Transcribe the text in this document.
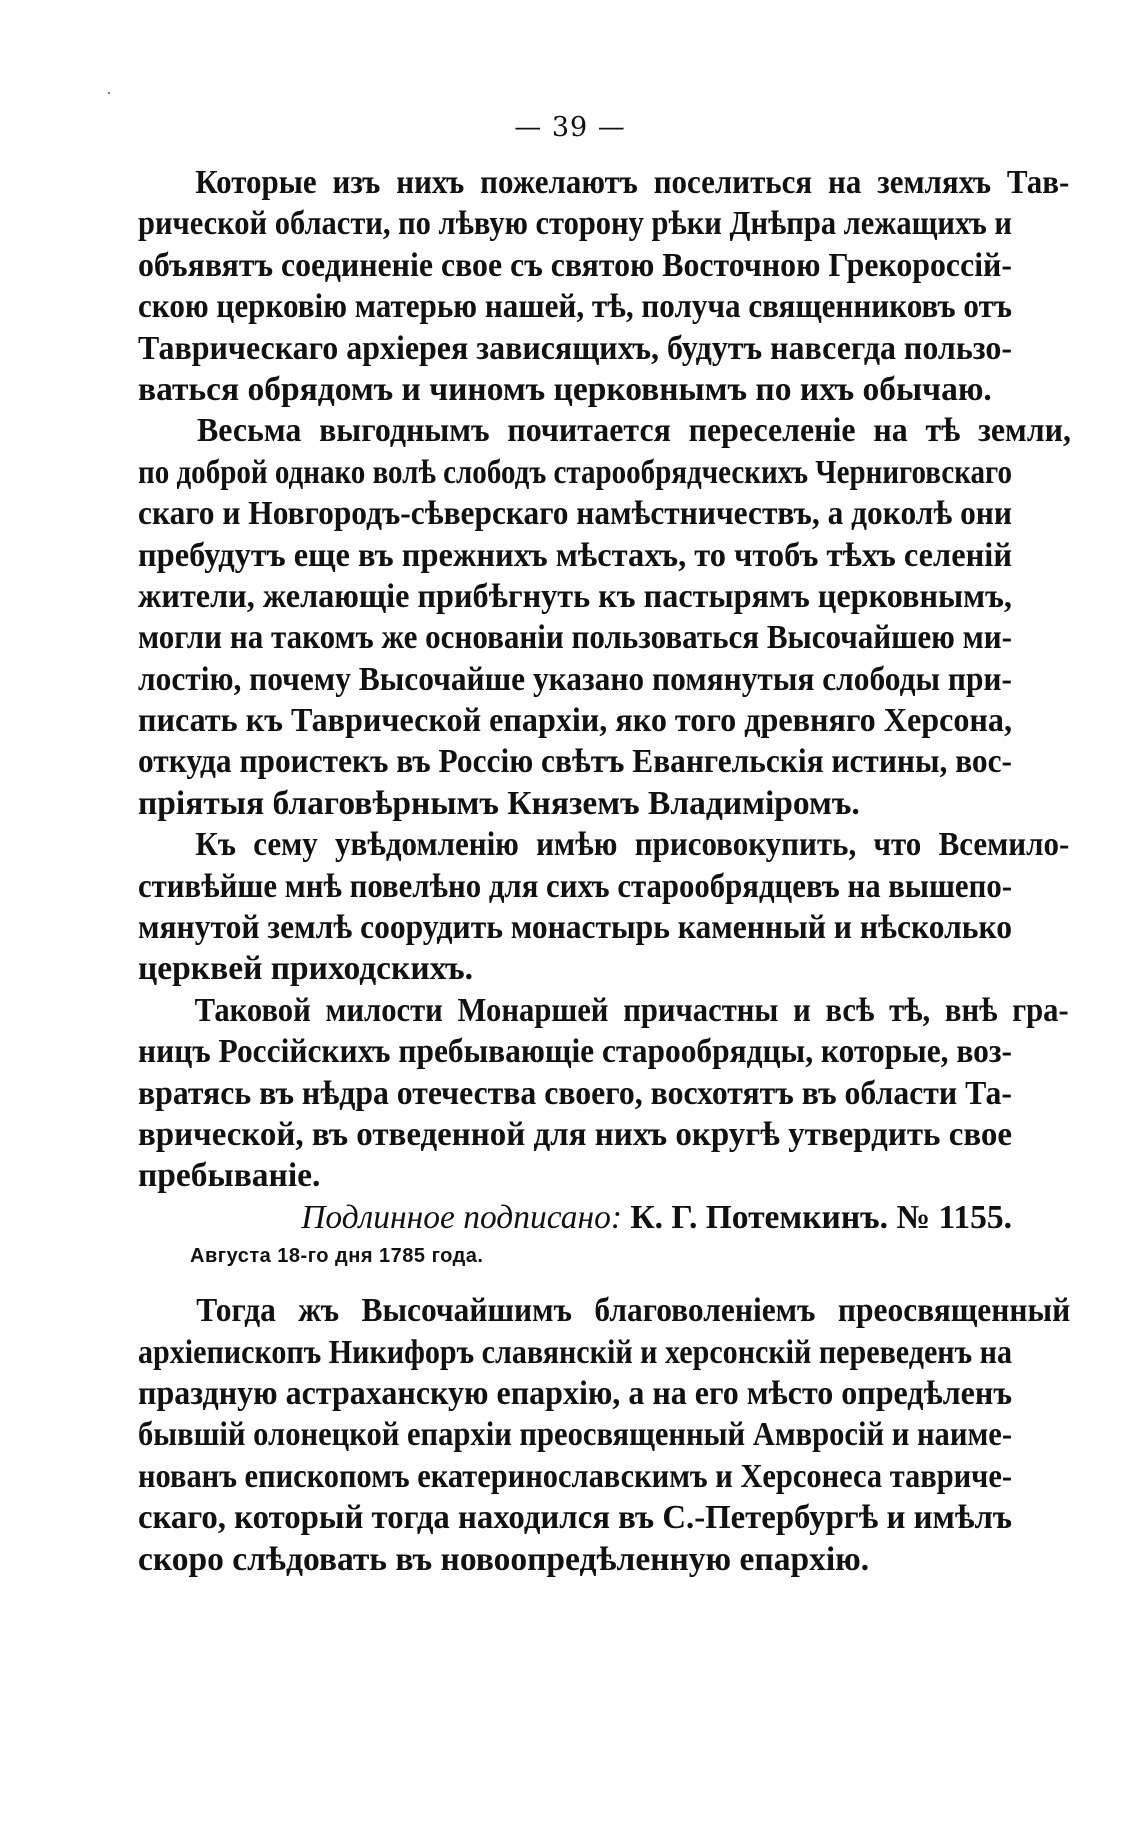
— 39 —
Которые изъ нихъ пожелаютъ поселиться на земляхъ Тав-
рической области, по лѣвую сторону рѣки Днѣпра лежащихъ и
объявятъ соединеніе свое съ святою Восточною Грекороссій-
скою церковію матерью нашей, тѣ, получа священниковъ отъ
Таврическаго архіерея зависящихъ, будутъ навсегда пользо-
ваться обрядомъ и чиномъ церковнымъ по ихъ обычаю.
Весьма выгоднымъ почитается переселеніе на тѣ земли,
по доброй однако волѣ слободъ старообрядческихъ Черниговскаго
скаго и Новгородъ-сѣверскаго намѣстничествъ, а доколѣ они
пребудутъ еще въ прежнихъ мѣстахъ, то чтобъ тѣхъ селеній
жители, желающіе прибѣгнуть къ пастырямъ церковнымъ,
могли на такомъ же основаніи пользоваться Высочайшею ми-
лостію, почему Высочайше указано помянутыя слободы при-
писать къ Таврической епархіи, яко того древняго Херсона,
откуда проистекъ въ Россію свѣтъ Евангельскія истины, вос-
пріятыя благовѣрнымъ Княземъ Владиміромъ.
Къ сему увѣдомленію имѣю присовокупить, что Всемило-
стивѣйше мнѣ повелѣно для сихъ старообрядцевъ на вышепо-
мянутой землѣ соорудить монастырь каменный и нѣсколько
церквей приходскихъ.
Таковой милости Монаршей причастны и всѣ тѣ, внѣ гра-
ницъ Россійскихъ пребывающіе старообрядцы, которые, воз-
вратясь въ нѣдра отечества своего, восхотятъ въ области Та-
врической, въ отведенной для нихъ округѣ утвердить свое
пребываніе.
Подлинное подписано: К. Г. Потемкинъ. № 1155.
Августа 18-го дня 1785 года.
Тогда жъ Высочайшимъ благоволеніемъ преосвященный
архіепископъ Никифоръ славянскій и херсонскій переведенъ на
праздную астраханскую епархію, а на его мѣсто опредѣленъ
бывшій олонецкой епархіи преосвященный Амвросій и наиме-
нованъ епископомъ екатеринославскимъ и Херсонеса тавриче-
скаго, который тогда находился въ С.-Петербургѣ и имѣлъ
скоро слѣдовать въ новоопредѣленную епархію.
